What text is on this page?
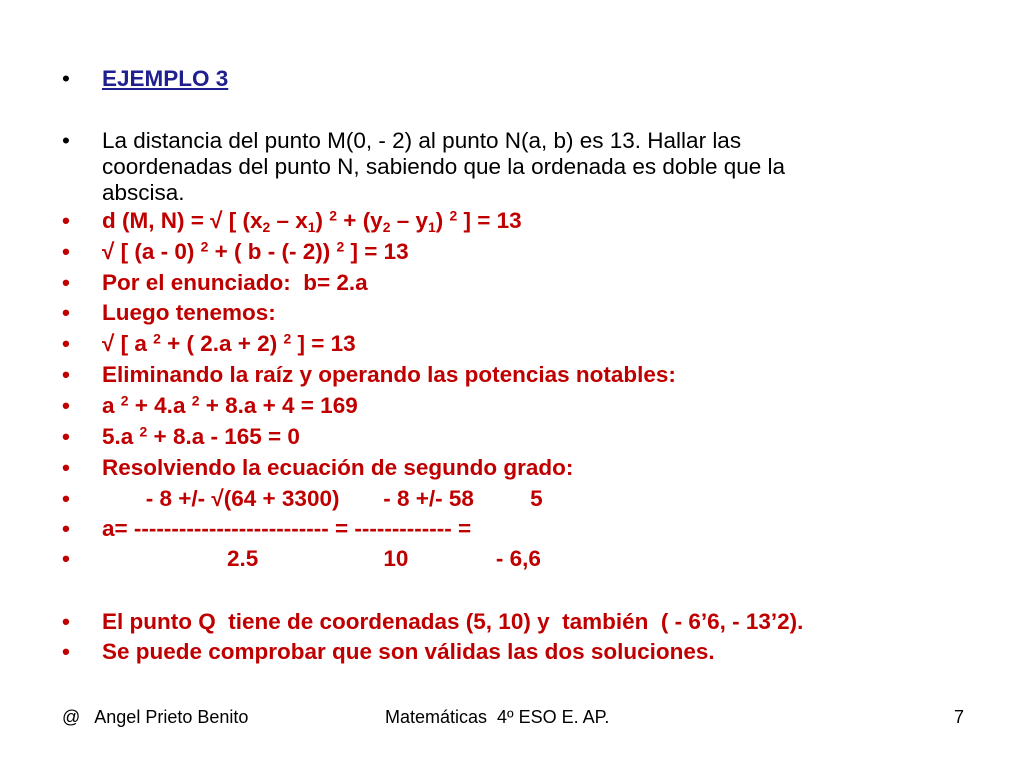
•	EJEMPLO 3
•	La distancia del punto M(0, - 2) al punto N(a, b) es 13. Hallar las coordenadas del punto N, sabiendo que la ordenada es doble que la abscisa.
•	d (M, N) = √ [ $(x_2 - x_1) ^2 + (y_2 - y_1)$ $^2$ ] = 13
•	√ [ (a - 0) $^2$ + ( b - (- 2)) $^2$ ] = 13
•	Por el enunciado:  b= 2.a
•	Luego tenemos:
•	√ [ a $^2$ + ( 2.a + 2) $^2$ ] = 13
•	Eliminando la raíz y operando las potencias notables:
•	a $^2$ + 4.a $^2$ + 8.a + 4 = 169
•	5.a $^2$ + 8.a - 165 = 0
•	Resolviendo la ecuación de segundo grado:
•	- 8 +/- √(64 + 3300)       - 8 +/- 58         5
•	a= -------------------------- = ------------- =
•	2.5                    10              - 6,6
•	El punto Q  tiene de coordenadas (5, 10) y  también  ( - 6’6, - 13’2).
•	Se puede comprobar que son válidas las dos soluciones.
@   Angel Prieto Benito	Matemáticas  4º ESO E. AP.	7
